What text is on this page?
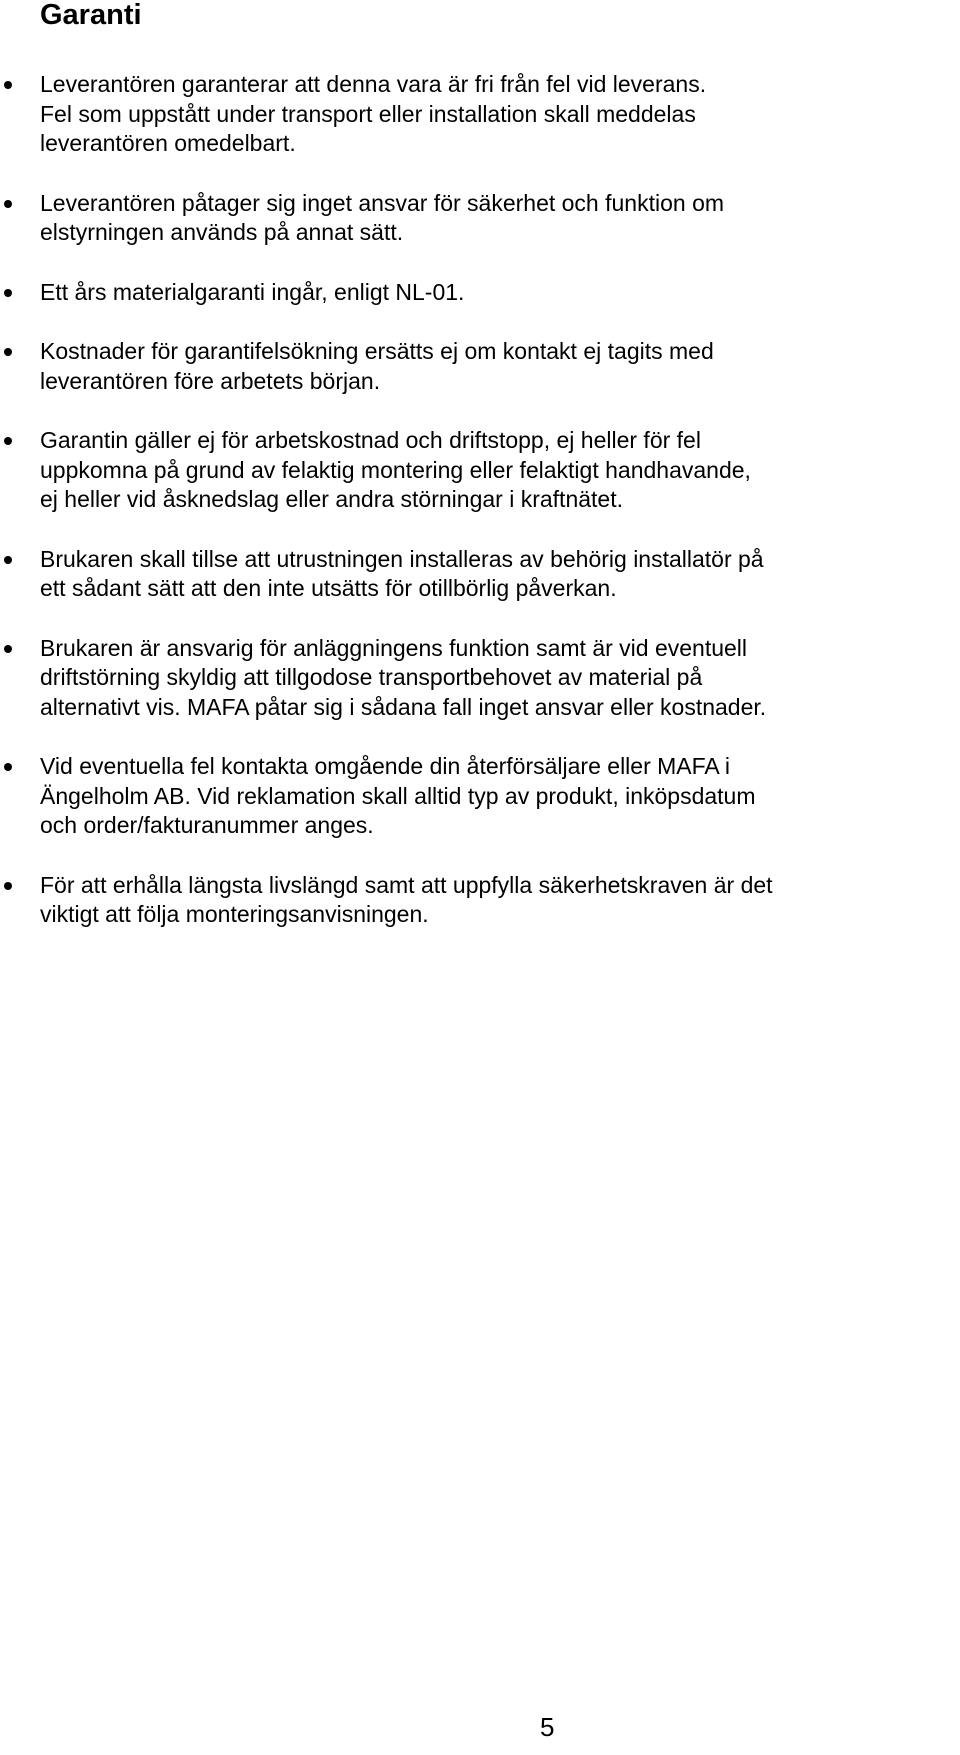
Garanti
Leverantören garanterar att denna vara är fri från fel vid leverans.
Fel som uppstått under transport eller installation skall meddelas
leverantören omedelbart.
Leverantören påtager sig inget ansvar för säkerhet och funktion om
elstyrningen används på annat sätt.
Ett års materialgaranti ingår, enligt NL-01.
Kostnader för garantifelsökning ersätts ej om kontakt ej tagits med
leverantören före arbetets början.
Garantin gäller ej för arbetskostnad och driftstopp, ej heller för fel
uppkomna på grund av felaktig montering eller felaktigt handhavande,
ej heller vid åsknedslag eller andra störningar i kraftnätet.
Brukaren skall tillse att utrustningen installeras av behörig installatör på
ett sådant sätt att den inte utsätts för otillbörlig påverkan.
Brukaren är ansvarig för anläggningens funktion samt är vid eventuell
driftstörning skyldig att tillgodose transportbehovet av material på
alternativt vis. MAFA påtar sig i sådana fall inget ansvar eller kostnader.
Vid eventuella fel kontakta omgående din återförsäljare eller MAFA i
Ängelholm AB. Vid reklamation skall alltid typ av produkt, inköpsdatum
och order/fakturanummer anges.
För att erhålla längsta livslängd samt att uppfylla säkerhetskraven är det
viktigt att följa monteringsanvisningen.
5
